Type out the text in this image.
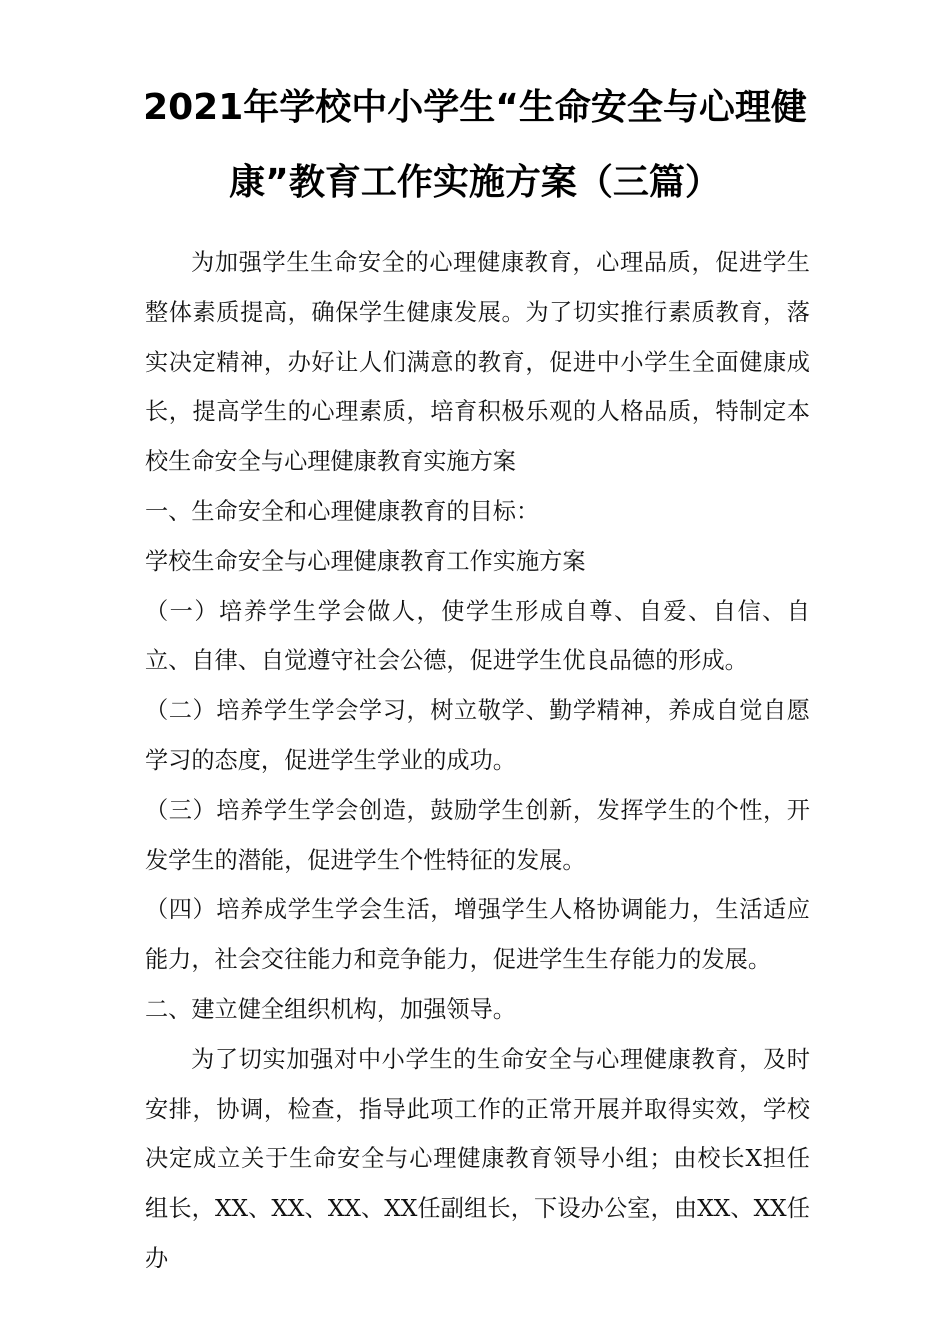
2021年学校中小学生“生命安全与心理健
康”教育工作实施方案（三篇）

为加强学生生命安全的心理健康教育，心理品质，促进学生整体素质提高，确保学生健康发展。为了切实推行素质教育，落实决定精神，办好让人们满意的教育，促进中小学生全面健康成长，提高学生的心理素质，培育积极乐观的人格品质，特制定本校生命安全与心理健康教育实施方案

一、生命安全和心理健康教育的目标：

学校生命安全与心理健康教育工作实施方案

（一）培养学生学会做人，使学生形成自尊、自爱、自信、自立、自律、自觉遵守社会公德，促进学生优良品德的形成。

（二）培养学生学会学习，树立敬学、勤学精神，养成自觉自愿学习的态度，促进学生学业的成功。

（三）培养学生学会创造，鼓励学生创新，发挥学生的个性，开发学生的潜能，促进学生个性特征的发展。

（四）培养成学生学会生活，增强学生人格协调能力，生活适应能力，社会交往能力和竞争能力，促进学生生存能力的发展。

二、建立健全组织机构，加强领导。

为了切实加强对中小学生的生命安全与心理健康教育，及时安排，协调，检查，指导此项工作的正常开展并取得实效，学校决定成立关于生命安全与心理健康教育领导小组；由校长X担任组长，XX、XX、XX、XX任副组长，下设办公室，由XX、XX任办
